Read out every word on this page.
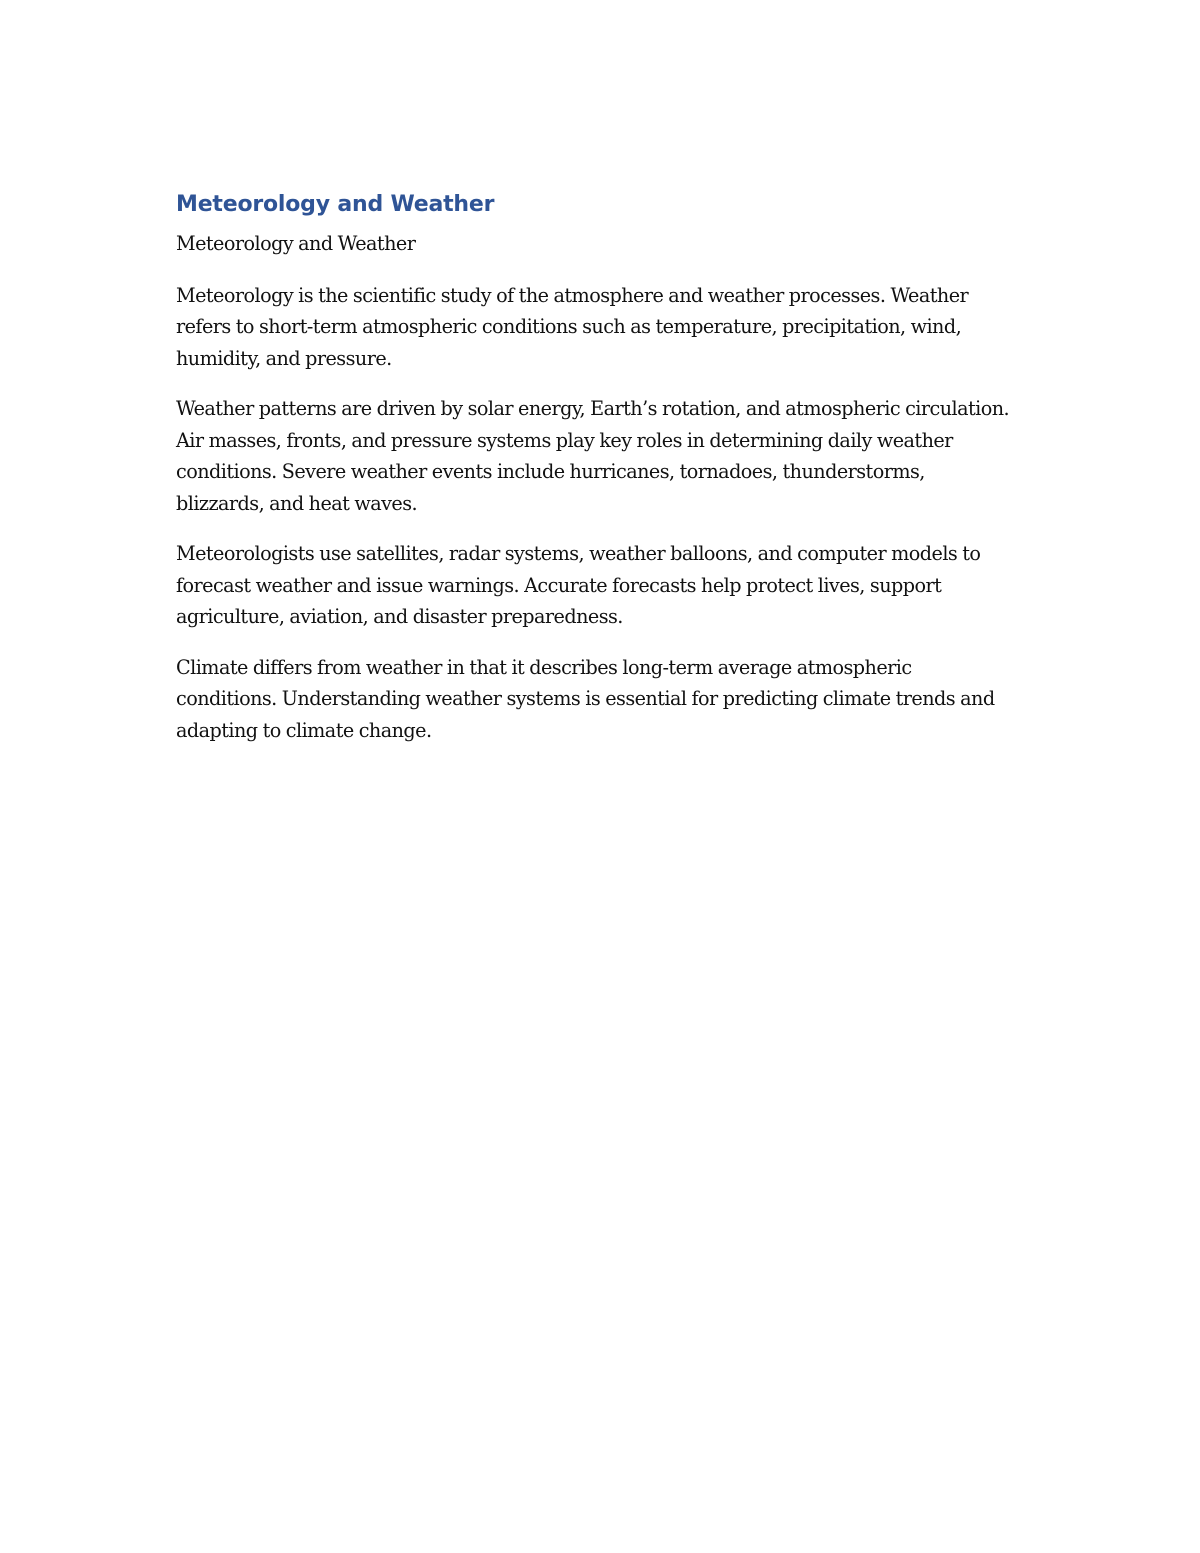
Meteorology and Weather

Meteorology and Weather

Meteorology is the scientific study of the atmosphere and weather processes. Weather refers to short-term atmospheric conditions such as temperature, precipitation, wind, humidity, and pressure.

Weather patterns are driven by solar energy, Earth’s rotation, and atmospheric circulation. Air masses, fronts, and pressure systems play key roles in determining daily weather conditions. Severe weather events include hurricanes, tornadoes, thunderstorms, blizzards, and heat waves.

Meteorologists use satellites, radar systems, weather balloons, and computer models to forecast weather and issue warnings. Accurate forecasts help protect lives, support agriculture, aviation, and disaster preparedness.

Climate differs from weather in that it describes long-term average atmospheric conditions. Understanding weather systems is essential for predicting climate trends and adapting to climate change.
